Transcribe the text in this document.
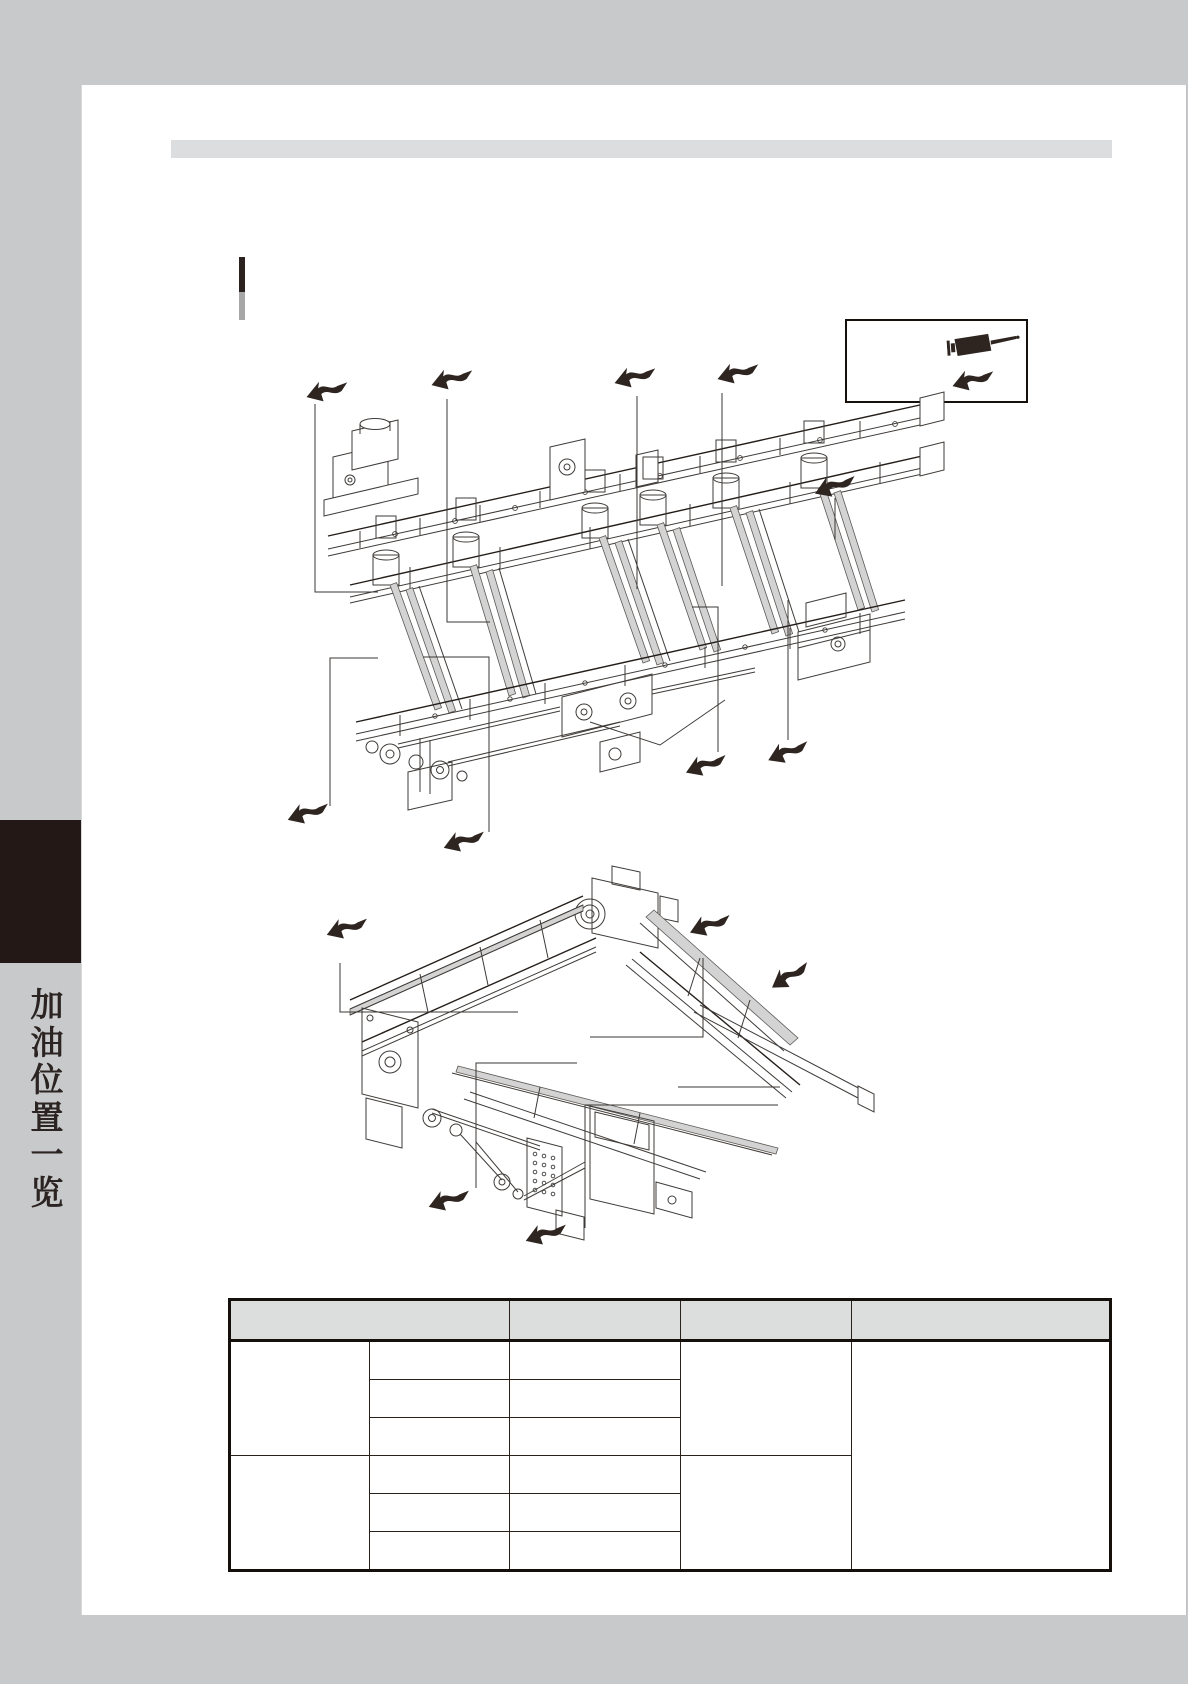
加
油
位
置
一
览
